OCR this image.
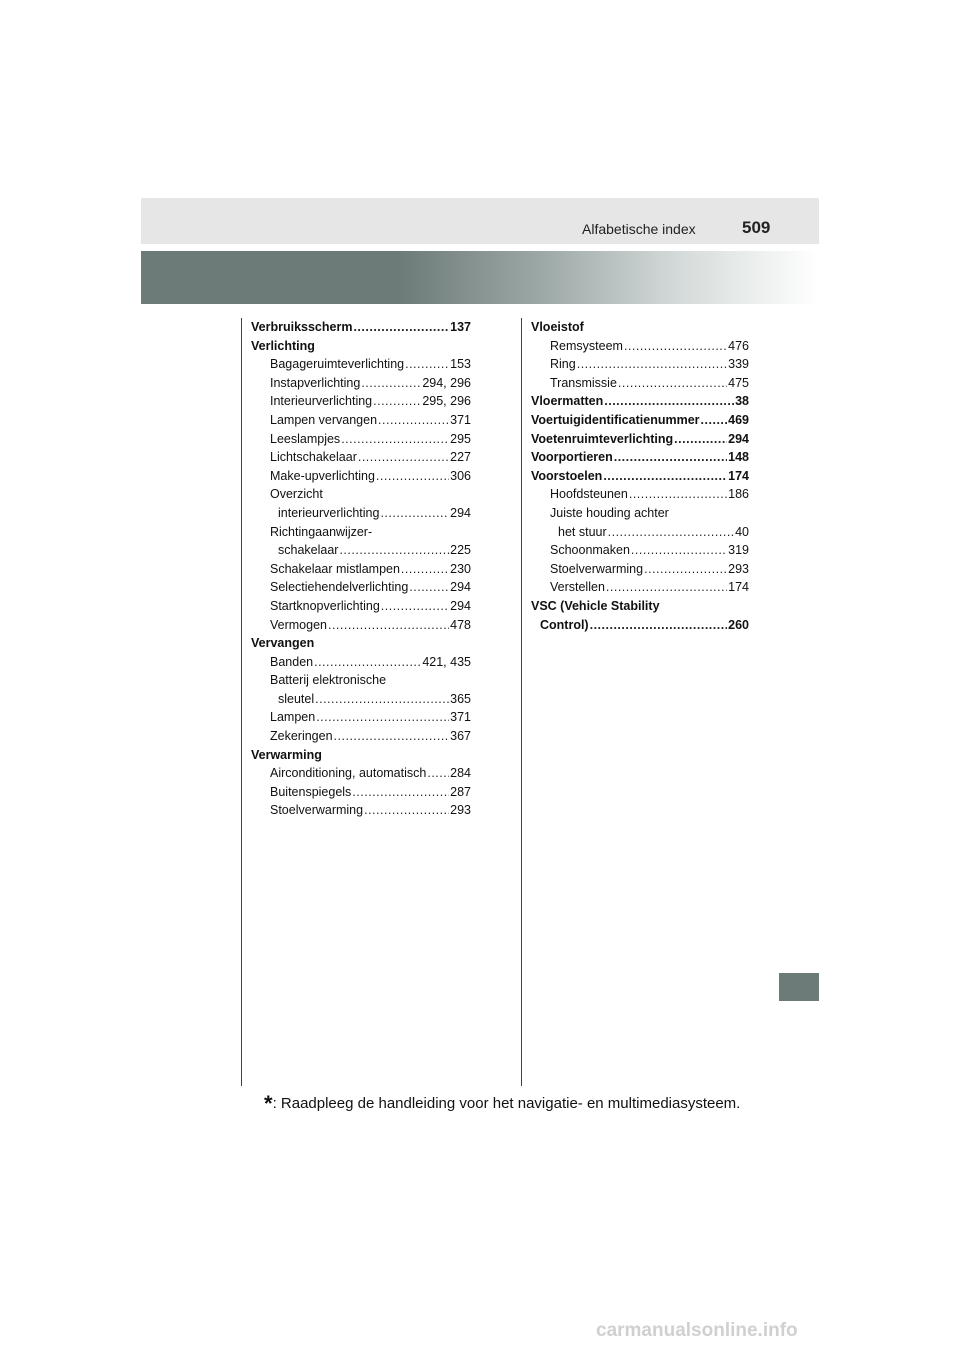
Alfabetische index	509
Verbruiksscherm .....	137
Verlichting
Bagageruimteverlichting .....	153
Instapverlichting .....	294, 296
Interieurverlichting .....	295, 296
Lampen vervangen .....	371
Leeslampjes .....	295
Lichtschakelaar .....	227
Make-upverlichting .....	306
Overzicht
interieurverlichting .....	294
Richtingaanwijzer-
schakelaar .....	225
Schakelaar mistlampen .....	230
Selectiehendelverlichting .....	294
Startknopverlichting .....	294
Vermogen .....	478
Vervangen
Banden .....	421, 435
Batterij elektronische
sleutel .....	365
Lampen .....	371
Zekeringen .....	367
Verwarming
Airconditioning, automatisch ..... 284
Buitenspiegels .....	287
Stoelverwarming .....	293
Vloeistof
Remsysteem .....	476
Ring .....	339
Transmissie .....	475
Vloermatten .....	38
Voertuigidentificatienummer ..... 469
Voetenruimteverlichting .....	294
Voorportieren .....	148
Voorstoelen .....	174
Hoofdsteunen .....	186
Juiste houding achter
het stuur .....	40
Schoonmaken .....	319
Stoelverwarming .....	293
Verstellen .....	174
VSC (Vehicle Stability
Control) .....	260
*: Raadpleeg de handleiding voor het navigatie- en multimediasysteem.
carmanualsonline.info
